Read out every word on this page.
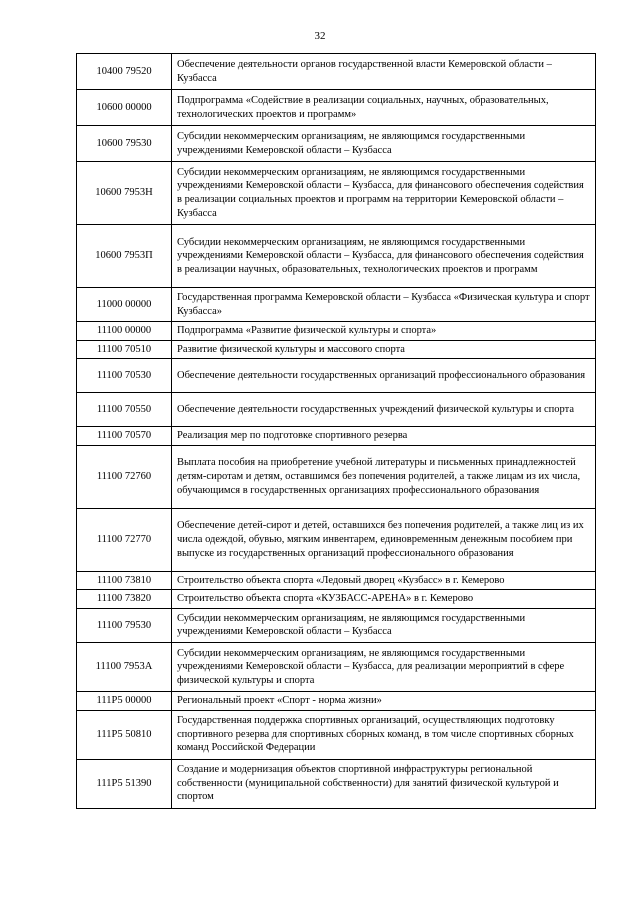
32
10400 79520	Обеспечение деятельности органов государственной власти Кемеровской области – Кузбасса
10600 00000	Подпрограмма «Содействие в реализации социальных, научных, образовательных, технологических проектов и программ»
10600 79530	Субсидии некоммерческим организациям, не являющимся государственными учреждениями Кемеровской области – Кузбасса
10600 7953Н	Субсидии некоммерческим организациям, не являющимся государственными учреждениями Кемеровской области – Кузбасса, для финансового обеспечения содействия в реализации социальных проектов и программ на территории Кемеровской области – Кузбасса
10600 7953П	Субсидии некоммерческим организациям, не являющимся государственными учреждениями Кемеровской области – Кузбасса, для финансового обеспечения содействия в реализации научных, образовательных, технологических проектов и программ
11000 00000	Государственная программа Кемеровской области – Кузбасса «Физическая культура и спорт Кузбасса»
11100 00000	Подпрограмма «Развитие физической культуры и спорта»
11100 70510	Развитие физической культуры и массового спорта
11100 70530	Обеспечение деятельности государственных организаций профессионального образования
11100 70550	Обеспечение деятельности государственных учреждений физической культуры и спорта
11100 70570	Реализация мер по подготовке спортивного резерва
11100 72760	Выплата пособия на приобретение учебной литературы и письменных принадлежностей детям-сиротам и детям, оставшимся без попечения родителей, а также лицам из их числа, обучающимся в государственных организациях профессионального образования
11100 72770	Обеспечение детей-сирот и детей, оставшихся без попечения родителей, а также лиц из их числа одеждой, обувью, мягким инвентарем, единовременным денежным пособием при выпуске из государственных организаций профессионального образования
11100 73810	Строительство объекта спорта «Ледовый дворец «Кузбасс» в г. Кемерово
11100 73820	Строительство объекта спорта «КУЗБАСС-АРЕНА» в г. Кемерово
11100 79530	Субсидии некоммерческим организациям, не являющимся государственными учреждениями Кемеровской области – Кузбасса
11100 7953А	Субсидии некоммерческим организациям, не являющимся государственными учреждениями Кемеровской области – Кузбасса, для реализации мероприятий в сфере физической культуры и спорта
111Р5 00000	Региональный проект «Спорт - норма жизни»
111Р5 50810	Государственная поддержка спортивных организаций, осуществляющих подготовку спортивного резерва для спортивных сборных команд, в том числе спортивных сборных команд Российской Федерации
111Р5 51390	Создание и модернизация объектов спортивной инфраструктуры региональной собственности (муниципальной собственности) для занятий физической культурой и спортом
